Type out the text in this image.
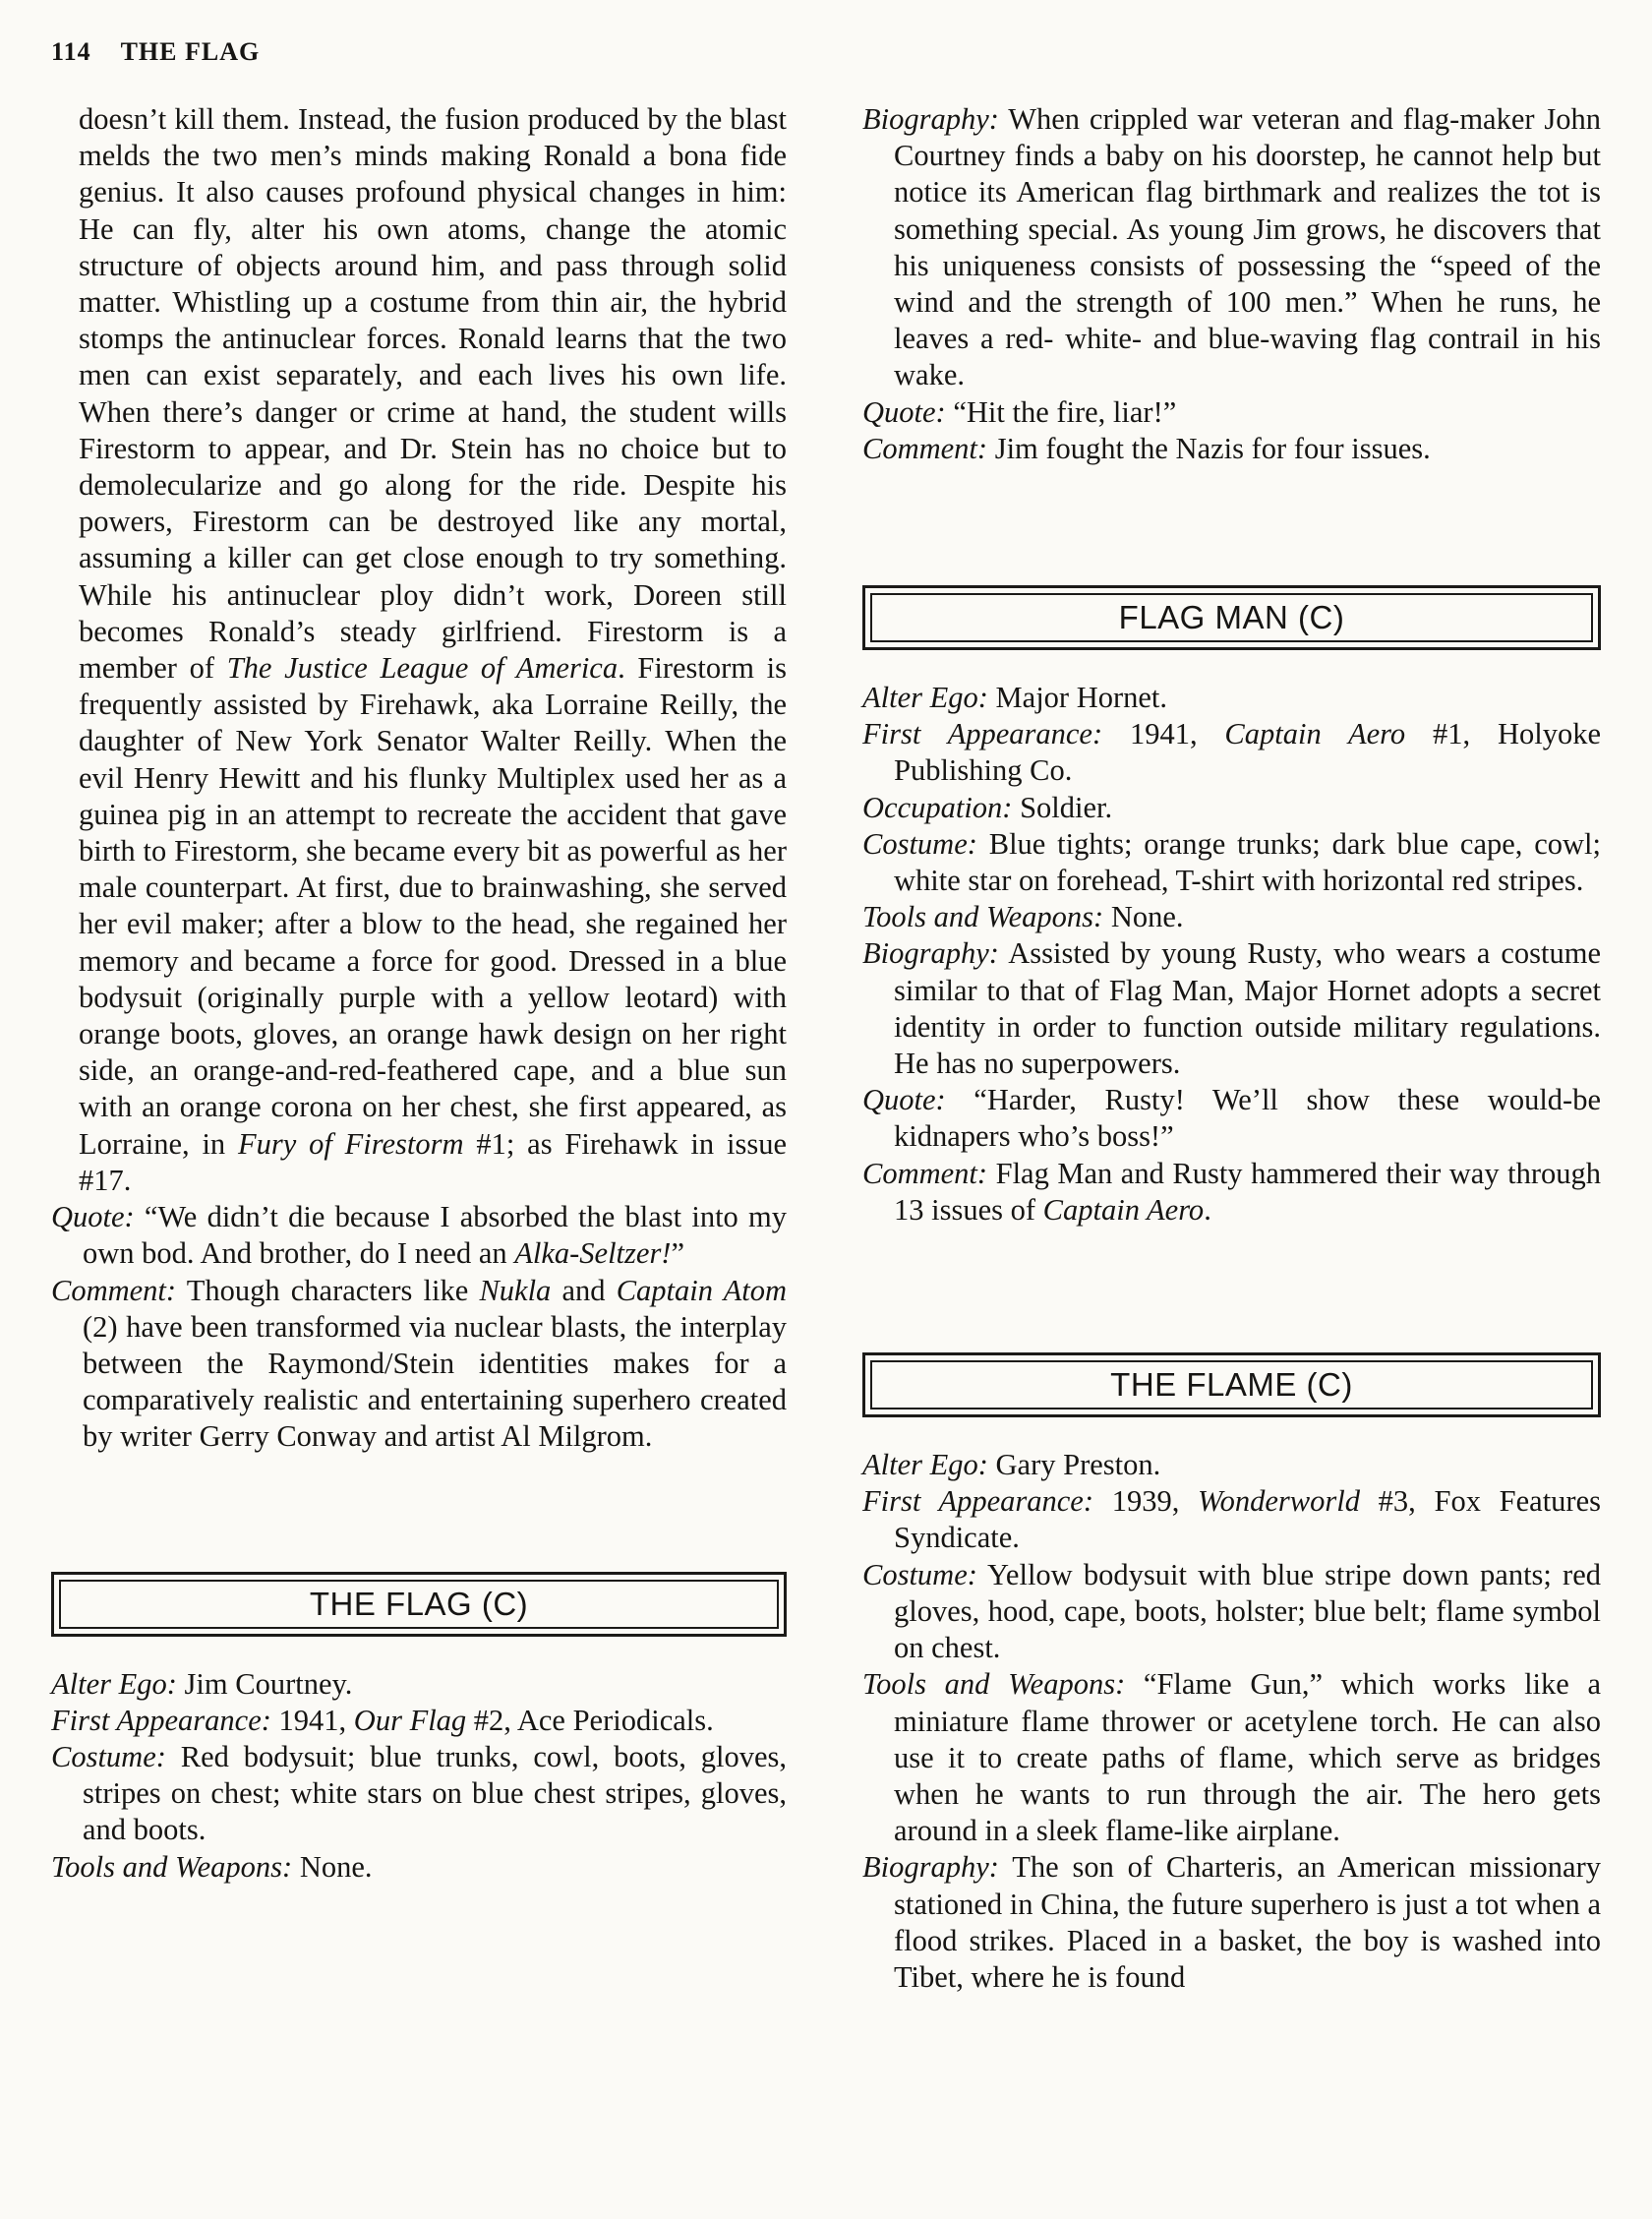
114 THE FLAG

doesn’t kill them. Instead, the fusion produced by the blast melds the two men’s minds making Ronald a bona fide genius. It also causes profound physical changes in him: He can fly, alter his own atoms, change the atomic structure of objects around him, and pass through solid matter. Whistling up a costume from thin air, the hybrid stomps the antinuclear forces. Ronald learns that the two men can exist separately, and each lives his own life. When there’s danger or crime at hand, the student wills Firestorm to appear, and Dr. Stein has no choice but to demolecularize and go along for the ride. Despite his powers, Firestorm can be destroyed like any mortal, assuming a killer can get close enough to try something. While his antinuclear ploy didn’t work, Doreen still becomes Ronald’s steady girlfriend. Firestorm is a member of The Justice League of America. Firestorm is frequently assisted by Firehawk, aka Lorraine Reilly, the daughter of New York Senator Walter Reilly. When the evil Henry Hewitt and his flunky Multiplex used her as a guinea pig in an attempt to recreate the accident that gave birth to Firestorm, she became every bit as powerful as her male counterpart. At first, due to brainwashing, she served her evil maker; after a blow to the head, she regained her memory and became a force for good. Dressed in a blue bodysuit (originally purple with a yellow leotard) with orange boots, gloves, an orange hawk design on her right side, an orange-and-red-feathered cape, and a blue sun with an orange corona on her chest, she first appeared, as Lorraine, in Fury of Firestorm #1; as Firehawk in issue #17.

Quote: “We didn’t die because I absorbed the blast into my own bod. And brother, do I need an Alka-Seltzer!”

Comment: Though characters like Nukla and Captain Atom (2) have been transformed via nuclear blasts, the interplay between the Raymond/Stein identities makes for a comparatively realistic and entertaining superhero created by writer Gerry Conway and artist Al Milgrom.

THE FLAG (C)

Alter Ego: Jim Courtney.

First Appearance: 1941, Our Flag #2, Ace Periodicals.

Costume: Red bodysuit; blue trunks, cowl, boots, gloves, stripes on chest; white stars on blue chest stripes, gloves, and boots.

Tools and Weapons: None.

Biography: When crippled war veteran and flag-maker John Courtney finds a baby on his doorstep, he cannot help but notice its American flag birthmark and realizes the tot is something special. As young Jim grows, he discovers that his uniqueness consists of possessing the “speed of the wind and the strength of 100 men.” When he runs, he leaves a red- white- and blue-waving flag contrail in his wake.

Quote: “Hit the fire, liar!”

Comment: Jim fought the Nazis for four issues.

FLAG MAN (C)

Alter Ego: Major Hornet.

First Appearance: 1941, Captain Aero #1, Holyoke Publishing Co.

Occupation: Soldier.

Costume: Blue tights; orange trunks; dark blue cape, cowl; white star on forehead, T-shirt with horizontal red stripes.

Tools and Weapons: None.

Biography: Assisted by young Rusty, who wears a costume similar to that of Flag Man, Major Hornet adopts a secret identity in order to function outside military regulations. He has no superpowers.

Quote: “Harder, Rusty! We’ll show these would-be kidnapers who’s boss!”

Comment: Flag Man and Rusty hammered their way through 13 issues of Captain Aero.

THE FLAME (C)

Alter Ego: Gary Preston.

First Appearance: 1939, Wonderworld #3, Fox Features Syndicate.

Costume: Yellow bodysuit with blue stripe down pants; red gloves, hood, cape, boots, holster; blue belt; flame symbol on chest.

Tools and Weapons: “Flame Gun,” which works like a miniature flame thrower or acetylene torch. He can also use it to create paths of flame, which serve as bridges when he wants to run through the air. The hero gets around in a sleek flame-like airplane.

Biography: The son of Charteris, an American missionary stationed in China, the future superhero is just a tot when a flood strikes. Placed in a basket, the boy is washed into Tibet, where he is found
